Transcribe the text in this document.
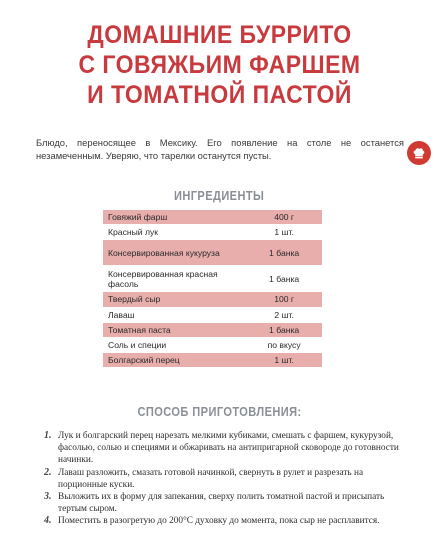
ДОМАШНИЕ БУРРИТО
С ГОВЯЖЬИМ ФАРШЕМ
И ТОМАТНОЙ ПАСТОЙ
Блюдо, переносящее в Мексику. Его появление на столе не останется незамеченным. Уверяю, что тарелки останутся пусты.
ИНГРЕДИЕНТЫ
Говяжий фарш	400 г
Красный лук	1 шт.
Консервированная кукуруза	1 банка
Консервированная красная фасоль	1 банка
Твердый сыр	100 г
Лаваш	2 шт.
Томатная паста	1 банка
Соль и специи	по вкусу
Болгарский перец	1 шт.
СПОСОБ ПРИГОТОВЛЕНИЯ:
1. Лук и болгарский перец нарезать мелкими кубиками, смешать с фаршем, кукурузой, фасолью, солью и специями и обжаривать на антипригарной сковороде до готовности начинки.
2. Лаваш разложить, смазать готовой начинкой, свернуть в рулет и разрезать на порционные куски.
3. Выложить их в форму для запекания, сверху полить томатной пастой и присыпать тертым сыром.
4. Поместить в разогретую до 200°C духовку до момента, пока сыр не расплавится.
